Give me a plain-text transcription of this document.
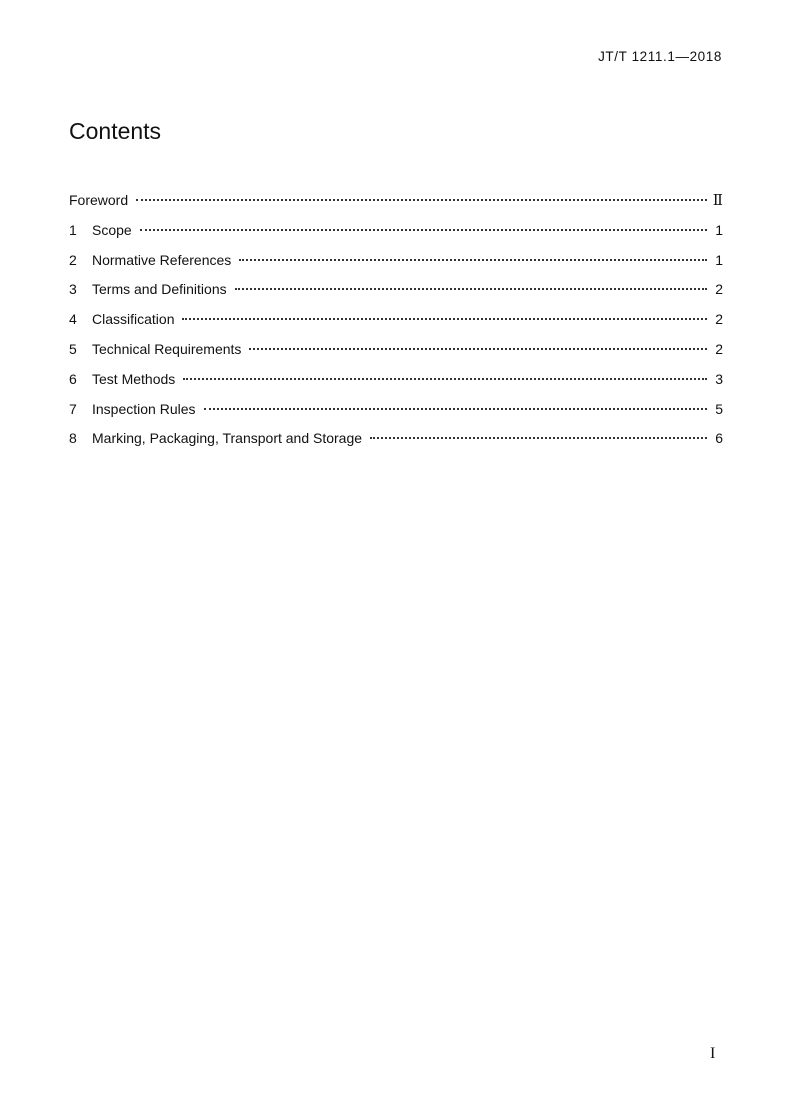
JT/T 1211.1—2018
Contents
Foreword	Ⅱ
1	Scope	1
2	Normative References	1
3	Terms and Definitions	2
4	Classification	2
5	Technical Requirements	2
6	Test Methods	3
7	Inspection Rules	5
8	Marking, Packaging, Transport and Storage	6
I
